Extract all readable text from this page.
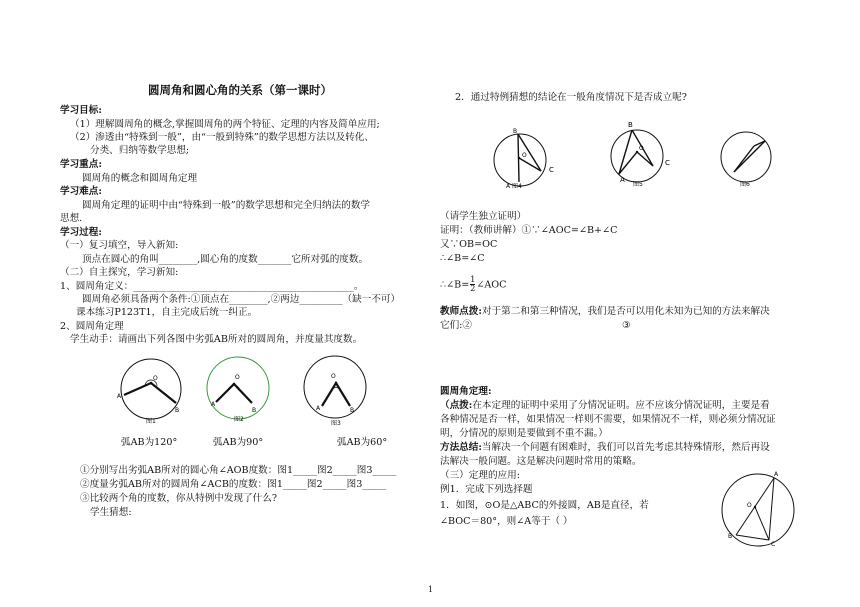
圆周角和圆心角的关系（第一课时）
学习目标:
（1）理解圆周角的概念,掌握圆周角的两个特征、定理的内容及简单应用;
（2）渗透由“特殊到一般”，由“一般到特殊”的数学思想方法以及转化、
分类、归纳等数学思想;
学习重点:
圆周角的概念和圆周角定理
学习难点:
圆周角定理的证明中由“特殊到一般”的数学思想和完全归纳法的数学
思想.
学习过程:
（一）复习填空，导入新知:
顶点在圆心的角叫________,圆心角的度数_______它所对弧的度数。
（二）自主探究，学习新知:
1、圆周角定义：______________________________________________。
圆周角必须具备两个条件:①顶点在________,②两边_________（缺一不可）
课本练习P123T1，自主完成后统一纠正。
2、圆周角定理
学生动手：请画出下列各图中劣弧AB所对的圆周角，并度量其度数。
O
A
B
图1
O
A
B
图2
O
A	B
图3
弧AB为120°	弧AB为90°	弧AB为60°
①分别写出劣弧AB所对的圆心角∠AOB度数：图1_____图2_____图3_____
②度量劣弧AB所对的圆周角∠ACB的度数：图1_____图2_____图3_____
③比较两个角的度数，你从特例中发现了什么?
学生猜想:
2．通过特例猜想的结论在一般角度情况下是否成立呢?
B
O
C
A 图4
B
O
C
A
图5	图6
（请学生独立证明）
证明：（教师讲解）①∵∠AOC=∠B+∠C
又∵OB=OC
∴∠B=∠C
∴∠B= $\frac{1}{2}$ ∠AOC
教师点拨:对于第二和第三种情况，我们是否可以用化未知为已知的方法来解决
它们:②	③
圆周角定理:
（点拨:在本定理的证明中采用了分情况证明。应不应该分情况证明，主要是看
各种情况是否一样，如果情况一样则不需要，如果情况不一样，则必须分情况证
明，分情况的原则是要做到不重不漏。）
方法总结:当解决一个问题有困难时，我们可以首先考虑其特殊情形，然后再设
法解决一般问题。这是解决问题时常用的策略。
（三）定理的应用:
例1．完成下列选择题
1．如图，⊙O是△ABC的外接圆，AB是直径，若
∠BOC＝80°，则∠A等于（ ）
A
O
B
C
1
